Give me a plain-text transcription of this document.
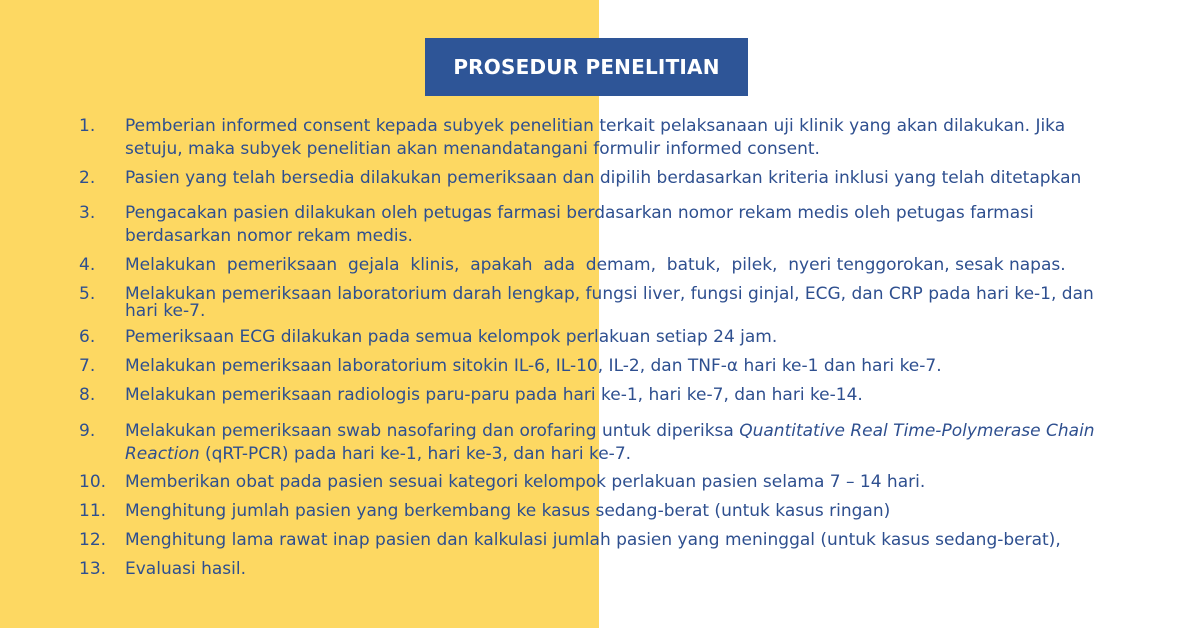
PROSEDUR PENELITIAN
1. Pemberian informed consent kepada subyek penelitian terkait pelaksanaan uji klinik yang akan dilakukan. Jika setuju, maka subyek penelitian akan menandatangani formulir informed consent.
2. Pasien yang telah bersedia dilakukan pemeriksaan dan dipilih berdasarkan kriteria inklusi yang telah ditetapkan
3. Pengacakan pasien dilakukan oleh petugas farmasi berdasarkan nomor rekam medis oleh petugas farmasi berdasarkan nomor rekam medis.
4. Melakukan  pemeriksaan  gejala  klinis,  apakah  ada  demam,  batuk,  pilek,  nyeri tenggorokan, sesak napas.
5. Melakukan pemeriksaan laboratorium darah lengkap, fungsi liver, fungsi ginjal, ECG, dan CRP pada hari ke-1, dan hari ke-7.
6. Pemeriksaan ECG dilakukan pada semua kelompok perlakuan setiap 24 jam.
7. Melakukan pemeriksaan laboratorium sitokin IL-6, IL-10, IL-2, dan TNF-α hari ke-1 dan hari ke-7.
8. Melakukan pemeriksaan radiologis paru-paru pada hari ke-1, hari ke-7, dan hari ke-14.
9. Melakukan pemeriksaan swab nasofaring dan orofaring untuk diperiksa Quantitative Real Time-Polymerase Chain Reaction (qRT-PCR) pada hari ke-1, hari ke-3, dan hari ke-7.
10. Memberikan obat pada pasien sesuai kategori kelompok perlakuan pasien selama 7 – 14 hari.
11. Menghitung jumlah pasien yang berkembang ke kasus sedang-berat (untuk kasus ringan)
12. Menghitung lama rawat inap pasien dan kalkulasi jumlah pasien yang meninggal (untuk kasus sedang-berat),
13. Evaluasi hasil.
